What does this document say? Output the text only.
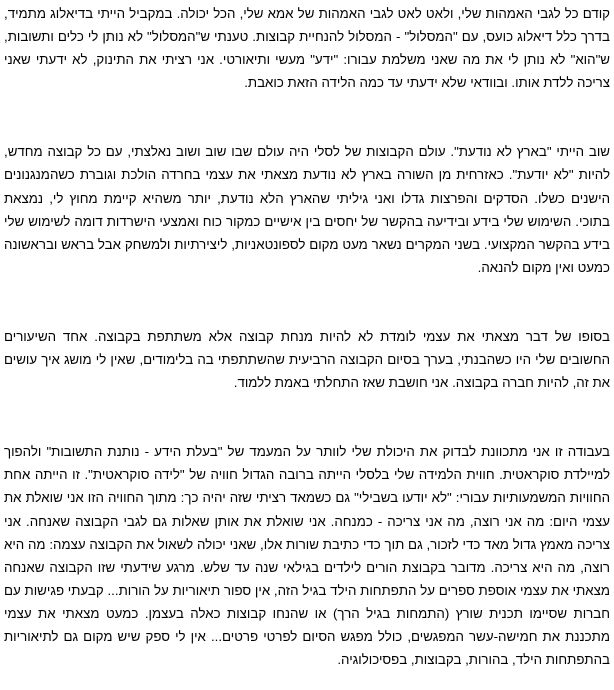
קודם כל לגבי האמהות שלי, ולאט לאט לגבי האמהות של אמא שלי, הכל יכולה. במקביל הייתי בדיאלוג מתמיד, בדרך כלל דיאלוג כועס, עם "המסלול" - המסלול להנחיית קבוצות. טענתי ש"המסלול" לא נותן לי כלים ותשובות, ש"הוא" לא נותן לי את מה שאני משלמת עבורו: "ידע" מעשי ותיאורטי. אני רציתי את התינוק, לא ידעתי שאני צריכה ללדת אותו. ובוודאי שלא ידעתי עד כמה הלידה הזאת כואבת.

שוב הייתי "בארץ לא נודעת". עולם הקבוצות של לסלי היה עולם שבו שוב ושוב נאלצתי, עם כל קבוצה מחדש, להיות "לא יודעת". כאזרחית מן השורה בארץ לא נודעת מצאתי את עצמי בחרדה הולכת וגוברת כשהמנגנונים הישנים כשלו. הסדקים והפרצות גדלו ואני גיליתי שהארץ הלא נודעת, יותר משהיא קיימת מחוץ לי, נמצאת בתוכי. השימוש שלי בידע ובידיעה בהקשר של יחסים בין אישיים כמקור כוח ואמצעי הישרדות דומה לשימוש שלי בידע בהקשר המקצועי. בשני המקרים נשאר מעט מקום לספונטאניות, ליצירתיות ולמשחק אבל בראש ובראשונה כמעט ואין מקום להנאה.

בסופו של דבר מצאתי את עצמי לומדת לא להיות מנחת קבוצה אלא משתתפת בקבוצה. אחד השיעורים החשובים שלי היו כשהבנתי, בערך בסיום הקבוצה הרביעית שהשתתפתי בה בלימודים, שאין לי מושג איך עושים את זה, להיות חברה בקבוצה. אני חושבת שאז התחלתי באמת ללמוד.

בעבודה זו אני מתכוונת לבדוק את היכולת שלי לוותר על המעמד של "בעלת הידע - נותנת התשובות" ולהפוך למיילדת סוקראטית. חווית הלמידה שלי בלסלי הייתה ברובה הגדול חוויה של "לידה סוקראטית". זו הייתה אחת החוויות המשמעותיות עבורי: "לא יודעו בשבילי" גם כשמאד רציתי שזה יהיה כך: מתוך החוויה הזו אני שואלת את עצמי היום: מה אני רוצה, מה אני צריכה - כמנחה. אני שואלת את אותן שאלות גם לגבי הקבוצה שאנחה. אני צריכה מאמץ גדול מאד כדי לזכור, גם תוך כדי כתיבת שורות אלו, שאני יכולה לשאול את הקבוצה עצמה: מה היא רוצה, מה היא צריכה. מדובר בקבוצת הורים לילדים בגילאי שנה עד שלש. מרגע שידעתי שזו הקבוצה שאנחה מצאתי את עצמי אוספת ספרים על התפתחות הילד בגיל הזה, אין ספור תיאוריות על הורות... קבעתי פגישות עם חברות שסיימו תכנית שורץ (התמחות בגיל הרך) או שהנחו קבוצות כאלה בעצמן. כמעט מצאתי את עצמי מתכננת את חמישה-עשר המפגשים, כולל מפגש הסיום לפרטי פרטים... אין לי ספק שיש מקום גם לתיאוריות בהתפתחות הילד, בהורות, בקבוצות, בפסיכולוגיה.
